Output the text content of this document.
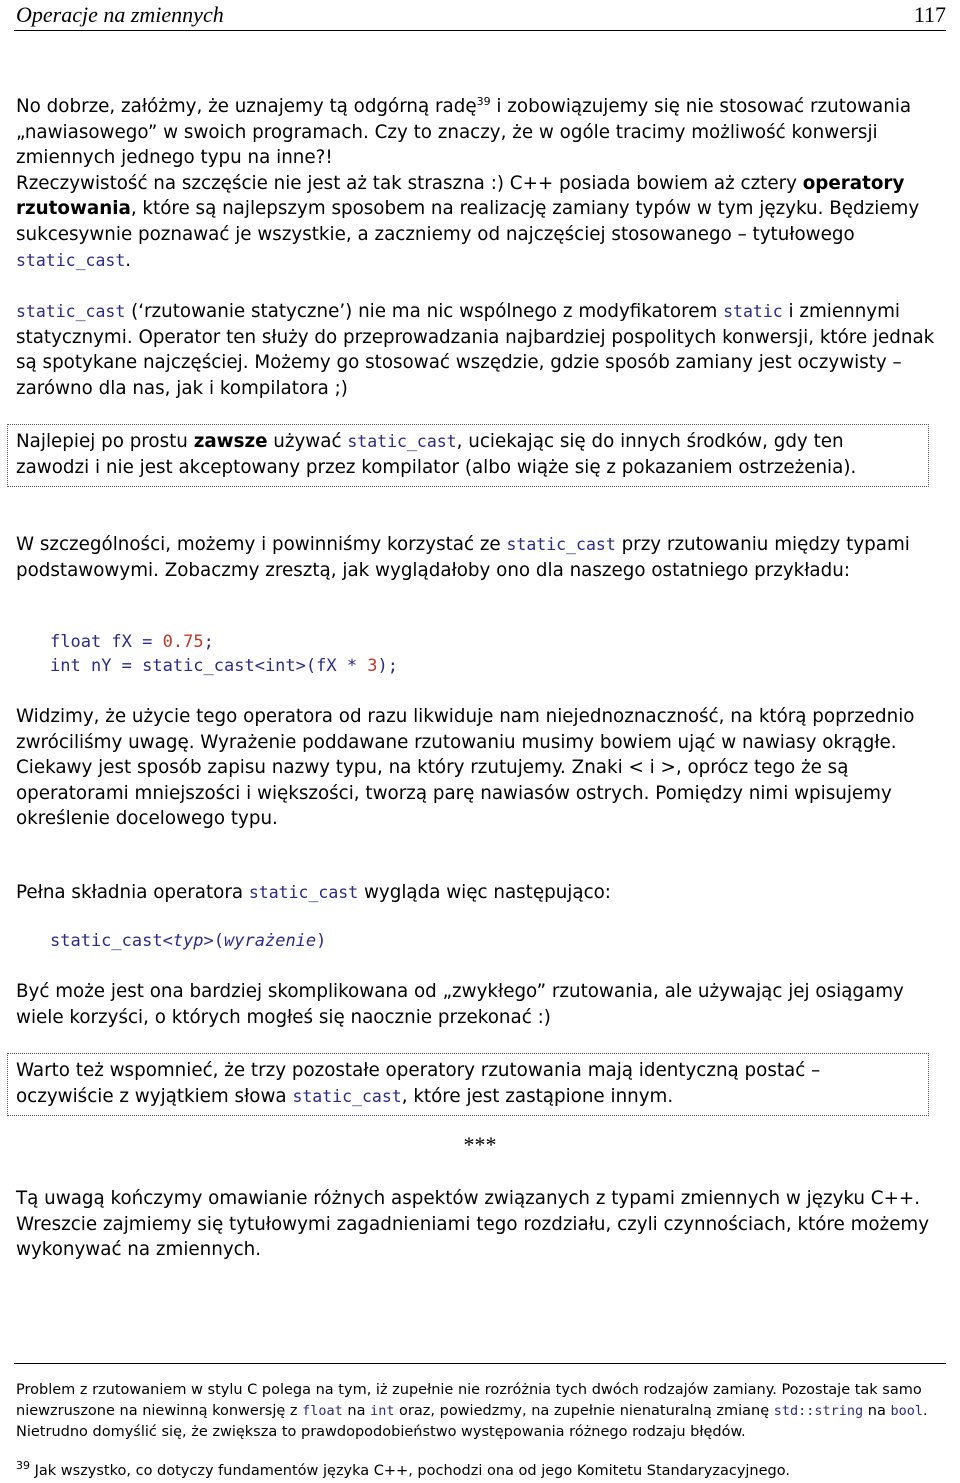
Operacje na zmiennych	117
No dobrze, załóżmy, że uznajemy tą odgórną radę$^{39}$ i zobowiązujemy się nie stosować rzutowania „nawiasowego” w swoich programach. Czy to znaczy, że w ogóle tracimy możliwość konwersji zmiennych jednego typu na inne?!
Rzeczywistość na szczęście nie jest aż tak straszna :) C++ posiada bowiem aż cztery operatory rzutowania, które są najlepszym sposobem na realizację zamiany typów w tym języku. Będziemy sukcesywnie poznawać je wszystkie, a zaczniemy od najczęściej stosowanego – tytułowego static_cast.
static_cast (‘rzutowanie statyczne’) nie ma nic wspólnego z modyfikatorem static i zmiennymi statycznymi. Operator ten służy do przeprowadzania najbardziej pospolitych konwersji, które jednak są spotykane najczęściej. Możemy go stosować wszędzie, gdzie sposób zamiany jest oczywisty – zarówno dla nas, jak i kompilatora ;)
Najlepiej po prostu zawsze używać static_cast, uciekając się do innych środków, gdy ten zawodzi i nie jest akceptowany przez kompilator (albo wiąże się z pokazaniem ostrzeżenia).
W szczególności, możemy i powinniśmy korzystać ze static_cast przy rzutowaniu między typami podstawowymi. Zobaczmy zresztą, jak wyglądałoby ono dla naszego ostatniego przykładu:
float fX = 0.75;
int nY = static_cast<int>(fX * 3);
Widzimy, że użycie tego operatora od razu likwiduje nam niejednoznaczność, na którą poprzednio zwróciliśmy uwagę. Wyrażenie poddawane rzutowaniu musimy bowiem ująć w nawiasy okrągłe.
Ciekawy jest sposób zapisu nazwy typu, na który rzutujemy. Znaki < i >, oprócz tego że są operatorami mniejszości i większości, tworzą parę nawiasów ostrych. Pomiędzy nimi wpisujemy określenie docelowego typu.
Pełna składnia operatora static_cast wygląda więc następująco:
static_cast<typ>(wyrażenie)
Być może jest ona bardziej skomplikowana od „zwykłego” rzutowania, ale używając jej osiągamy wiele korzyści, o których mogłeś się naocznie przekonać :)
Warto też wspomnieć, że trzy pozostałe operatory rzutowania mają identyczną postać – oczywiście z wyjątkiem słowa static_cast, które jest zastąpione innym.
***
Tą uwagą kończymy omawianie różnych aspektów związanych z typami zmiennych w języku C++. Wreszcie zajmiemy się tytułowymi zagadnieniami tego rozdziału, czyli czynnościach, które możemy wykonywać na zmiennych.
Problem z rzutowaniem w stylu C polega na tym, iż zupełnie nie rozróżnia tych dwóch rodzajów zamiany. Pozostaje tak samo niewzruszone na niewinną konwersję z float na int oraz, powiedzmy, na zupełnie nienaturalną zmianę std::string na bool. Nietrudno domyślić się, że zwiększa to prawdopodobieństwo występowania różnego rodzaju błędów.
$^{39}$ Jak wszystko, co dotyczy fundamentów języka C++, pochodzi ona od jego Komitetu Standaryzacyjnego.
